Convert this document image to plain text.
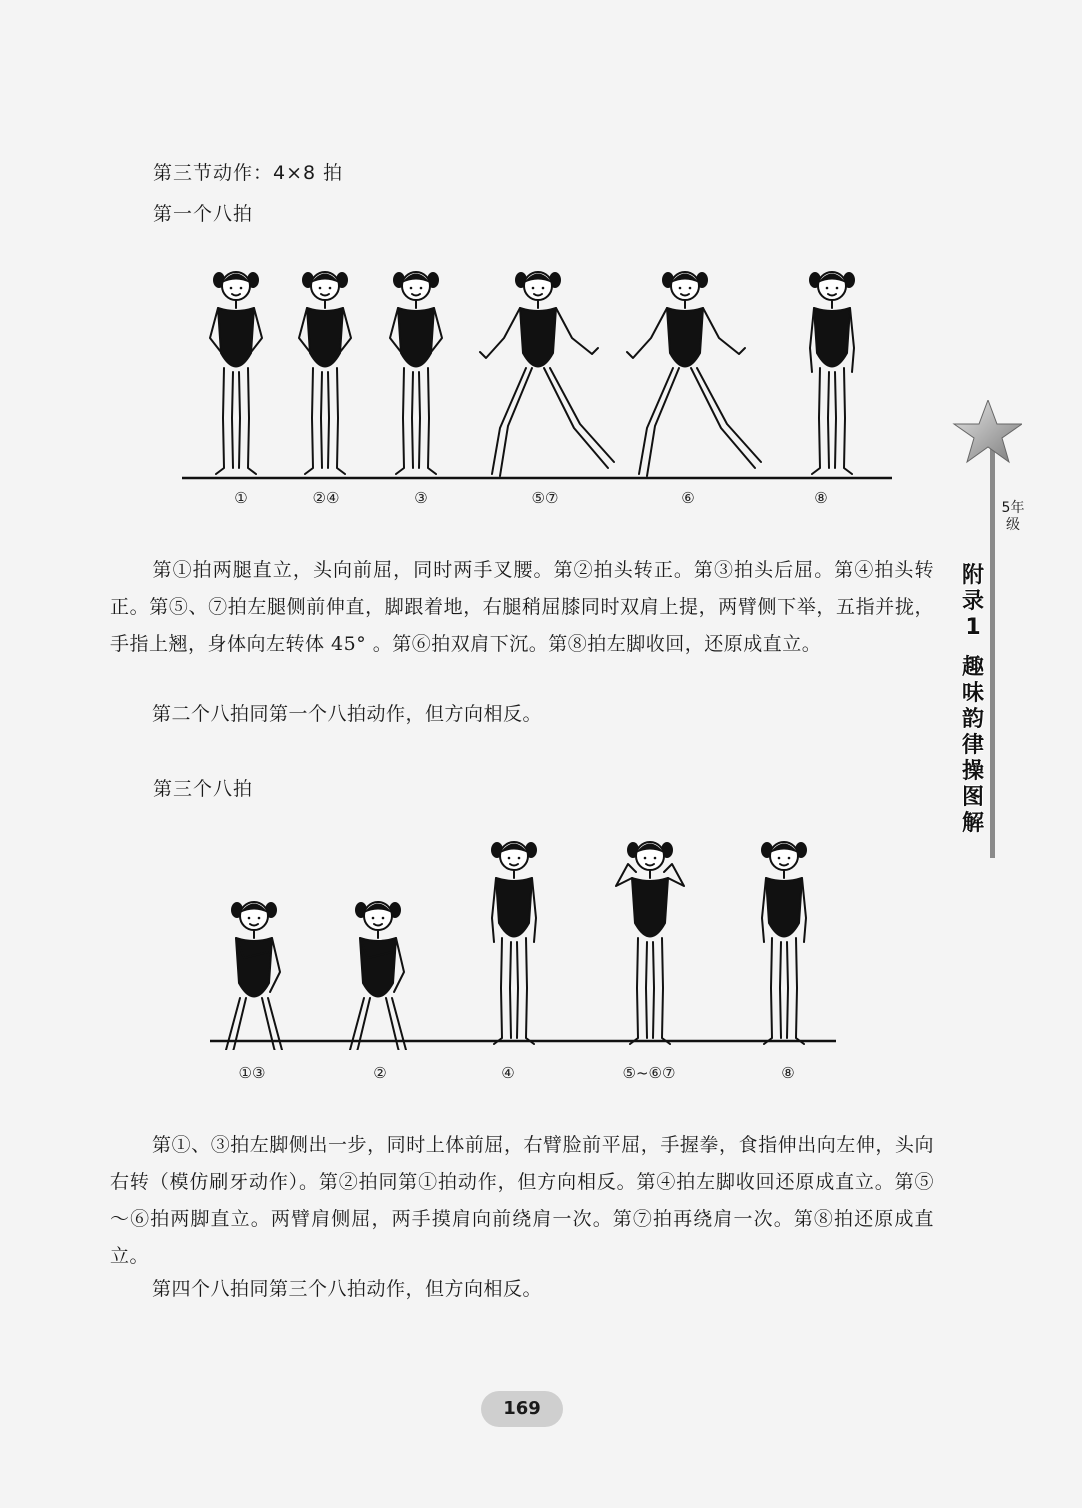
第三节动作：4×8 拍
第一个八拍
①	②④	③	⑤⑦	⑥	⑧
第①拍两腿直立，头向前屈，同时两手叉腰。第②拍头转正。第③拍头后屈。第④拍头转正。第⑤、⑦拍左腿侧前伸直，脚跟着地，右腿稍屈膝同时双肩上提，两臂侧下举，五指并拢，手指上翘，身体向左转体 45° 。第⑥拍双肩下沉。第⑧拍左脚收回，还原成直立。
第二个八拍同第一个八拍动作，但方向相反。
第三个八拍
①③	②	④	⑤~⑥⑦	⑧
第①、③拍左脚侧出一步，同时上体前屈，右臂脸前平屈，手握拳，食指伸出向左伸，头向右转（模仿刷牙动作）。第②拍同第①拍动作，但方向相反。第④拍左脚收回还原成直立。第⑤～⑥拍两脚直立。两臂肩侧屈，两手摸肩向前绕肩一次。第⑦拍再绕肩一次。第⑧拍还原成直立。
第四个八拍同第三个八拍动作，但方向相反。
5年级
附
录
1
趣
味
韵
律
操
图
解
169
